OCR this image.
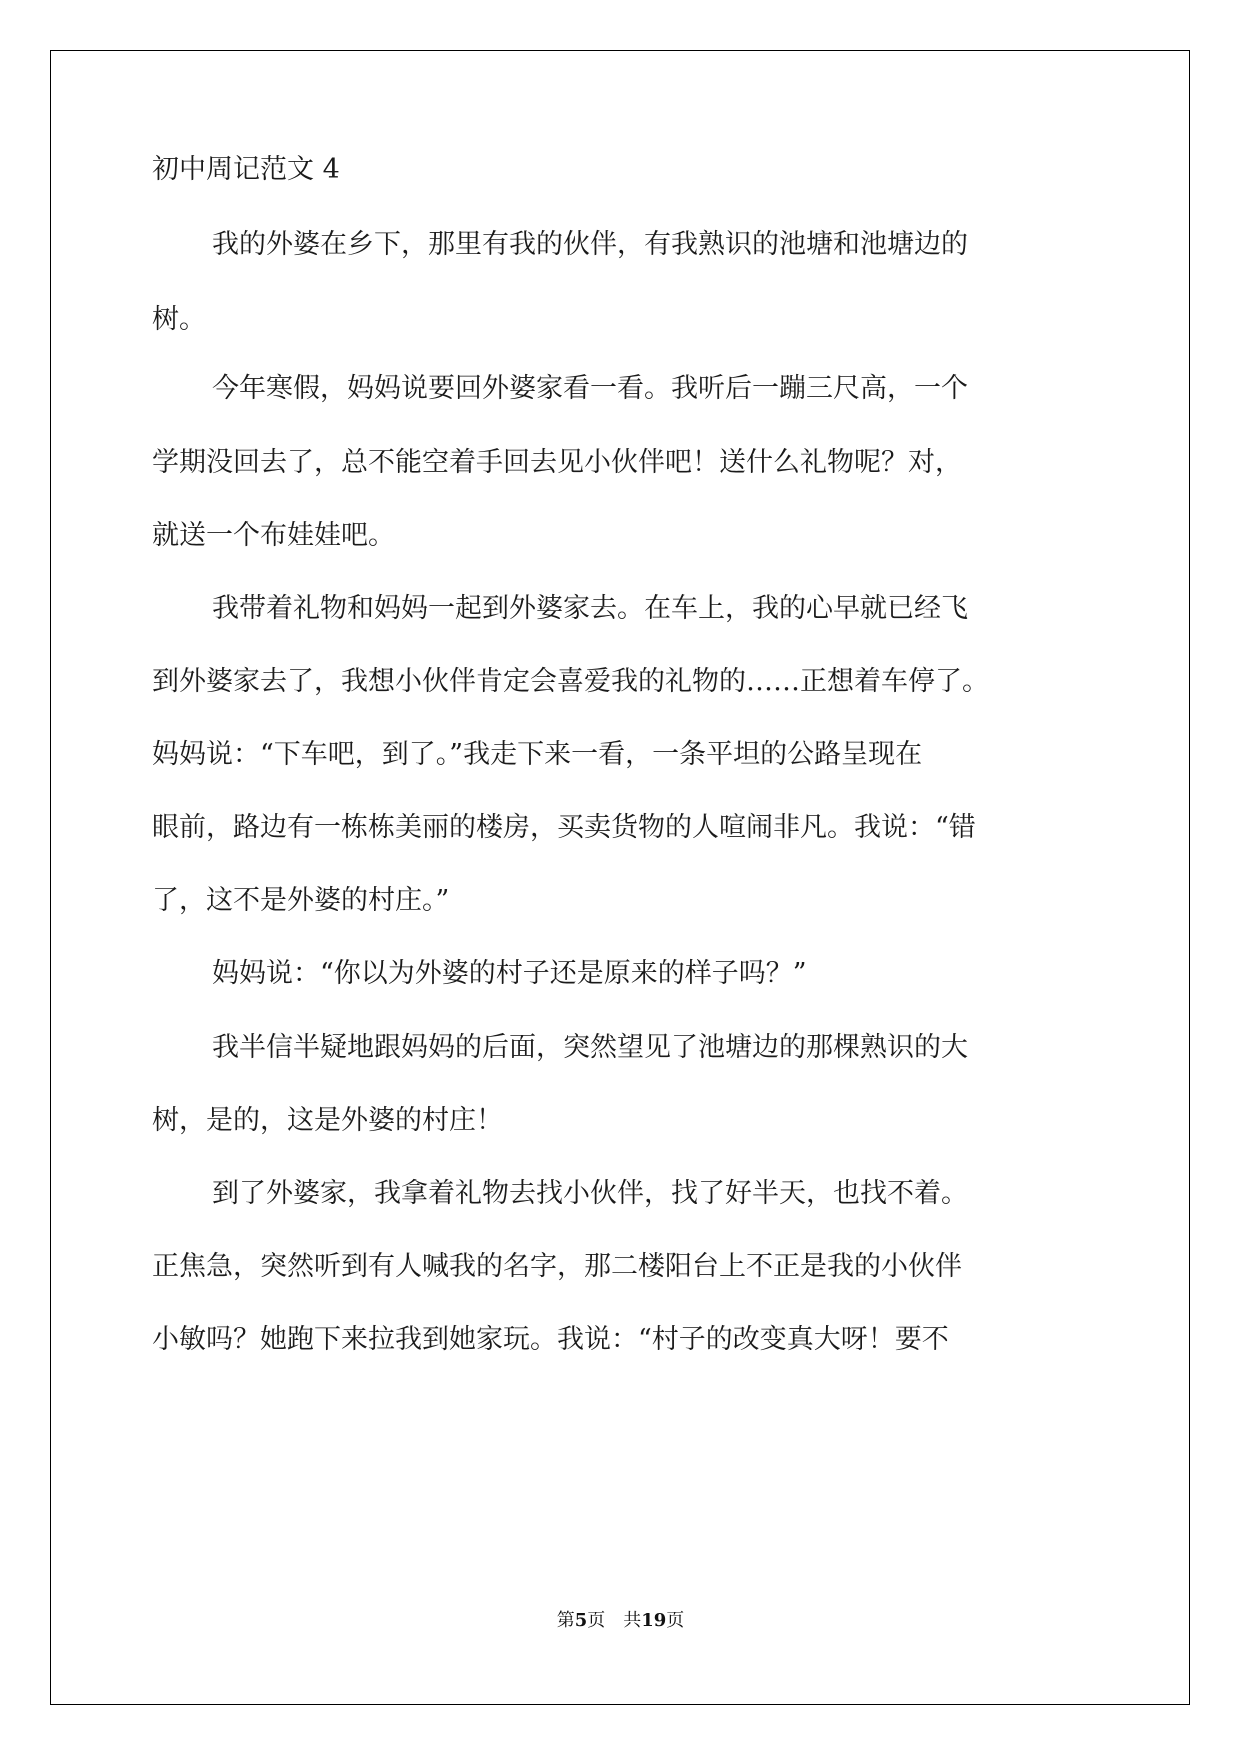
初中周记范文 4
我的外婆在乡下，那里有我的伙伴，有我熟识的池塘和池塘边的
树。
今年寒假，妈妈说要回外婆家看一看。我听后一蹦三尺高，一个
学期没回去了，总不能空着手回去见小伙伴吧！送什么礼物呢？对，
就送一个布娃娃吧。
我带着礼物和妈妈一起到外婆家去。在车上，我的心早就已经飞
到外婆家去了，我想小伙伴肯定会喜爱我的礼物的……正想着车停了。
妈妈说：“下车吧，到了。”我走下来一看，一条平坦的公路呈现在
眼前，路边有一栋栋美丽的楼房，买卖货物的人喧闹非凡。我说：“错
了，这不是外婆的村庄。”
妈妈说：“你以为外婆的村子还是原来的样子吗？”
我半信半疑地跟妈妈的后面，突然望见了池塘边的那棵熟识的大
树，是的，这是外婆的村庄！
到了外婆家，我拿着礼物去找小伙伴，找了好半天，也找不着。
正焦急，突然听到有人喊我的名字，那二楼阳台上不正是我的小伙伴
小敏吗？她跑下来拉我到她家玩。我说：“村子的改变真大呀！要不
第5页 共19页
